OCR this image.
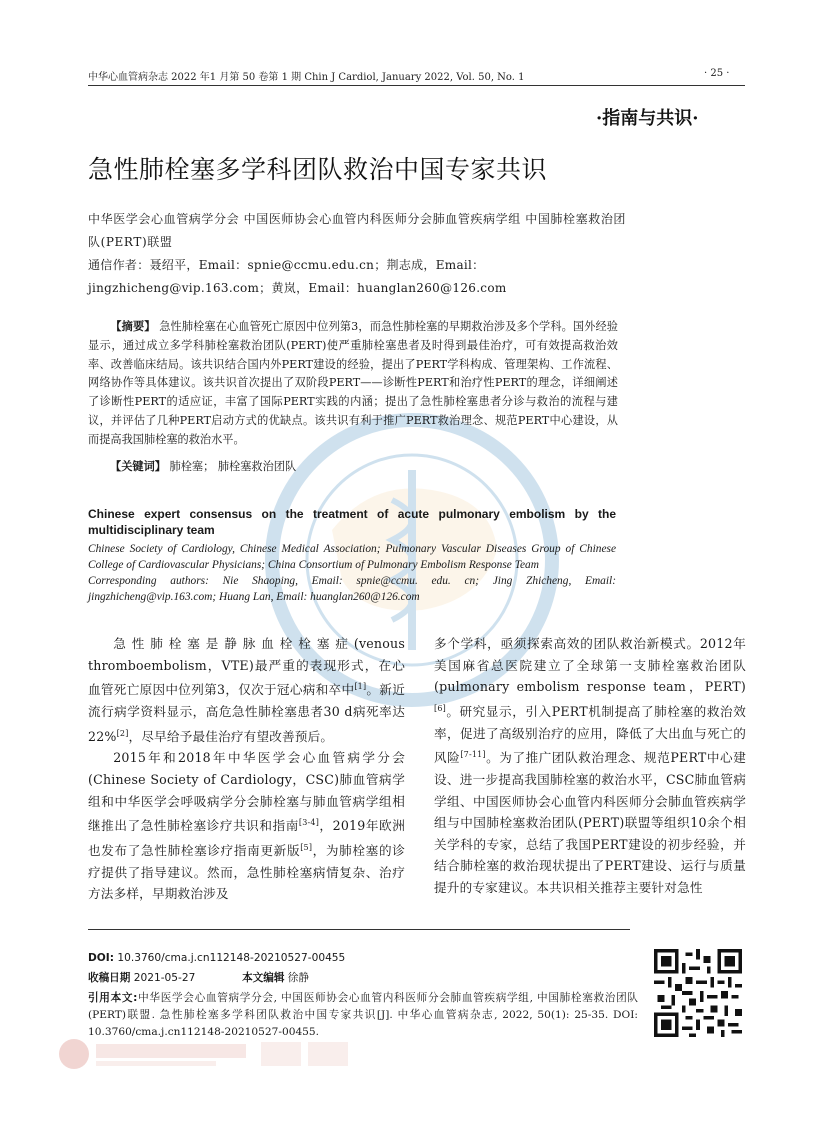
中华心血管病杂志 2022 年1 月第 50 卷第 1 期 Chin J Cardiol, January 2022, Vol. 50, No. 1	· 25 ·
·指南与共识·
急性肺栓塞多学科团队救治中国专家共识
中华医学会心血管病学分会 中国医师协会心血管内科医师分会肺血管疾病学组 中国肺栓塞救治团队(PERT)联盟
通信作者：聂绍平，Email：spnie@ccmu.edu.cn；荆志成，Email：jingzhicheng@vip.163.com；黄岚，Email：huanglan260@126.com
【摘要】 急性肺栓塞在心血管死亡原因中位列第3，而急性肺栓塞的早期救治涉及多个学科。国外经验显示，通过成立多学科肺栓塞救治团队(PERT)使严重肺栓塞患者及时得到最佳治疗，可有效提高救治效率、改善临床结局。该共识结合国内外PERT建设的经验，提出了PERT学科构成、管理架构、工作流程、网络协作等具体建议。该共识首次提出了双阶段PERT——诊断性PERT和治疗性PERT的理念，详细阐述了诊断性PERT的适应证，丰富了国际PERT实践的内涵；提出了急性肺栓塞患者分诊与救治的流程与建议，并评估了几种PERT启动方式的优缺点。该共识有利于推广PERT救治理念、规范PERT中心建设，从而提高我国肺栓塞的救治水平。
【关键词】 肺栓塞； 肺栓塞救治团队
Chinese expert consensus on the treatment of acute pulmonary embolism by the multidisciplinary team
Chinese Society of Cardiology, Chinese Medical Association; Pulmonary Vascular Diseases Group of Chinese College of Cardiovascular Physicians; China Consortium of Pulmonary Embolism Response Team
Corresponding authors: Nie Shaoping, Email: spnie@ccmu. edu. cn; Jing Zhicheng, Email: jingzhicheng@vip.163.com; Huang Lan, Email: huanglan260@126.com

急性肺栓塞是静脉血栓栓塞症(venous thromboembolism，VTE)最严重的表现形式，在心血管死亡原因中位列第3，仅次于冠心病和卒中[1]。新近流行病学资料显示，高危急性肺栓塞患者30 d病死率达22%[2]，尽早给予最佳治疗有望改善预后。

2015年和2018年中华医学会心血管病学分会(Chinese Society of Cardiology，CSC)肺血管病学组和中华医学会呼吸病学分会肺栓塞与肺血管病学组相继推出了急性肺栓塞诊疗共识和指南[3-4]，2019年欧洲也发布了急性肺栓塞诊疗指南更新版[5]，为肺栓塞的诊疗提供了指导建议。然而，急性肺栓塞病情复杂、治疗方法多样，早期救治涉及

多个学科，亟须探索高效的团队救治新模式。2012年美国麻省总医院建立了全球第一支肺栓塞救治团队(pulmonary embolism response team，PERT)[6]。研究显示，引入PERT机制提高了肺栓塞的救治效率，促进了高级别治疗的应用，降低了大出血与死亡的风险[7-11]。为了推广团队救治理念、规范PERT中心建设、进一步提高我国肺栓塞的救治水平，CSC肺血管病学组、中国医师协会心血管内科医师分会肺血管疾病学组与中国肺栓塞救治团队(PERT)联盟等组织10余个相关学科的专家，总结了我国PERT建设的初步经验，并结合肺栓塞的救治现状提出了PERT建设、运行与质量提升的专家建议。本共识相关推荐主要针对急性

DOI: 10.3760/cma.j.cn112148-20210527-00455
收稿日期 2021-05-27	本文编辑 徐静
引用本文:中华医学会心血管病学分会, 中国医师协会心血管内科医师分会肺血管疾病学组, 中国肺栓塞救治团队(PERT)联盟. 急性肺栓塞多学科团队救治中国专家共识[J]. 中华心血管病杂志, 2022, 50(1): 25-35. DOI: 10.3760/cma.j.cn112148-20210527-00455.
